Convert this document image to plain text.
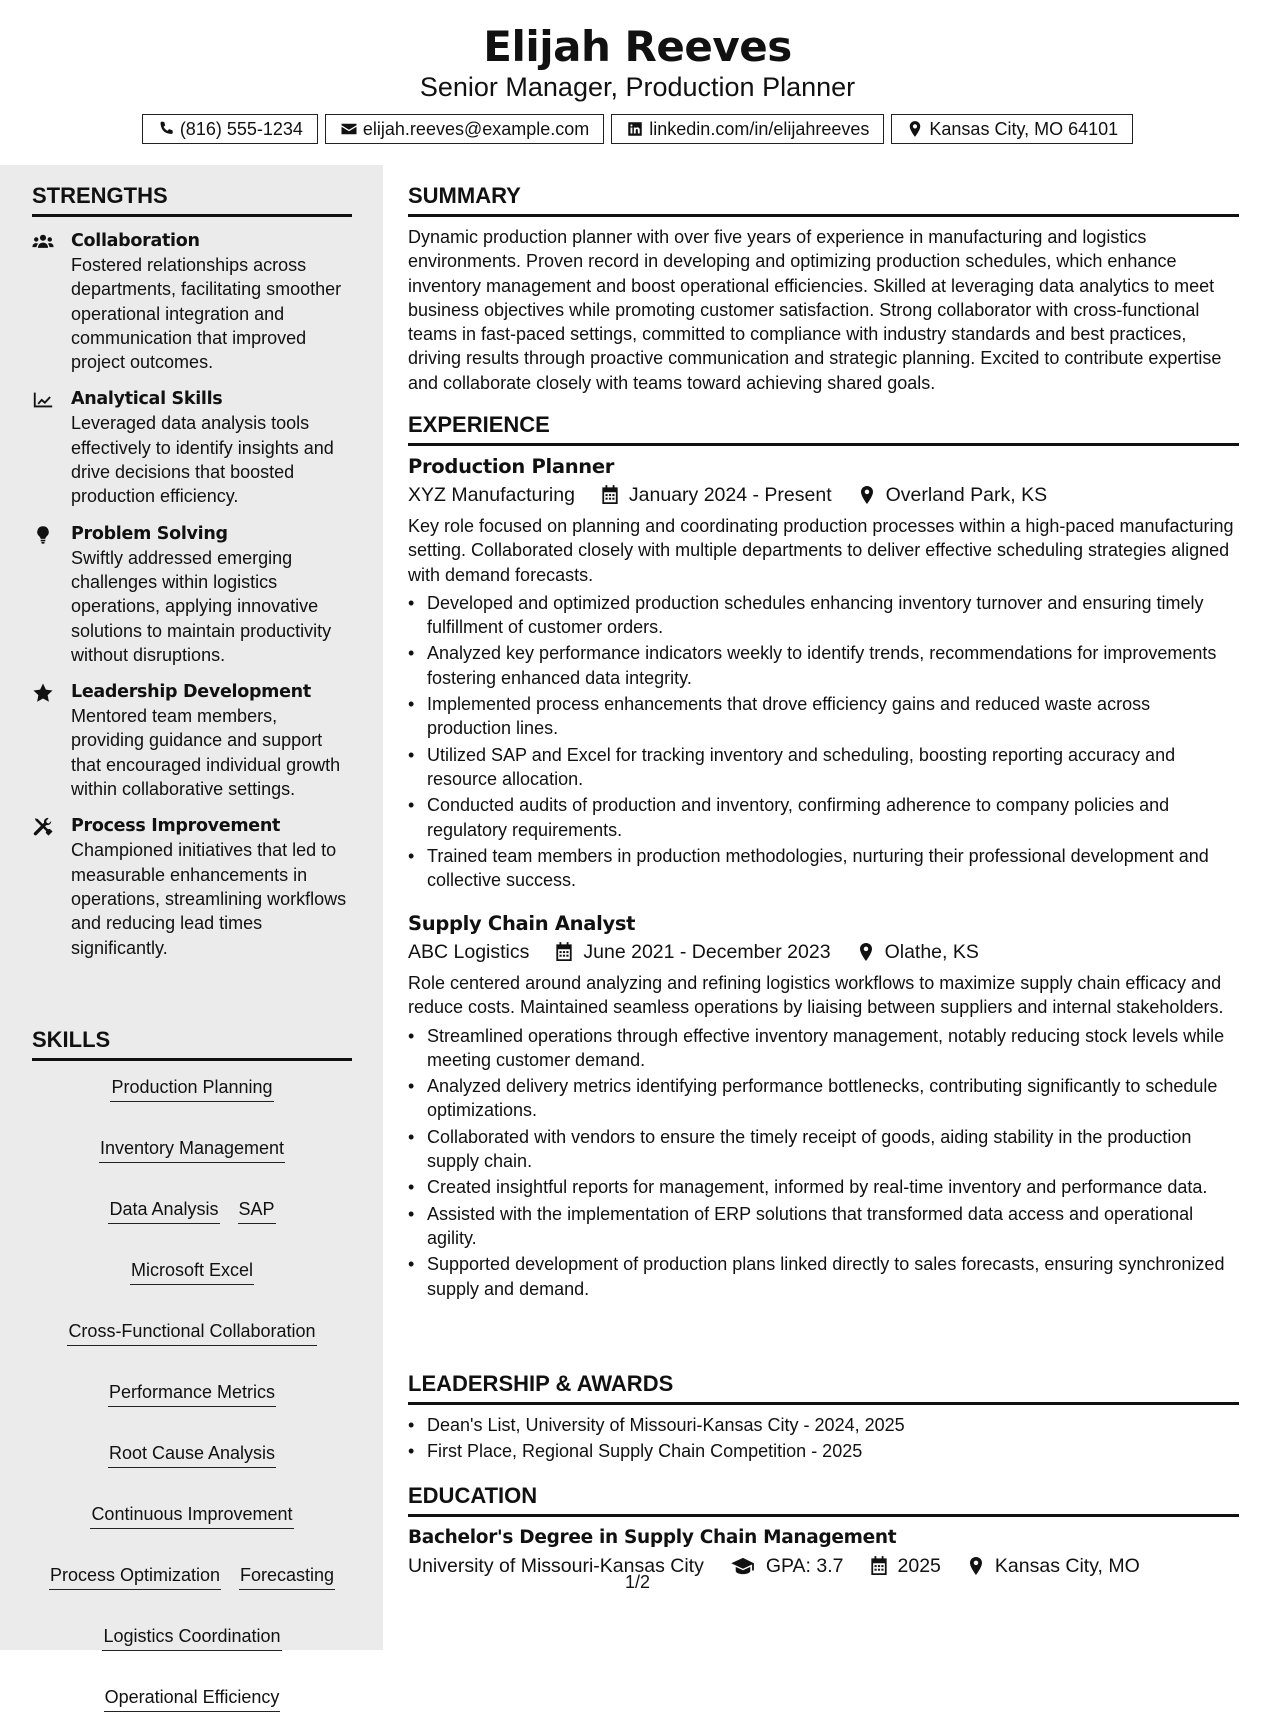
Elijah Reeves
Senior Manager, Production Planner
(816) 555-1234	elijah.reeves@example.com	linkedin.com/in/elijahreeves	Kansas City, MO 64101
STRENGTHS
Collaboration
Fostered relationships across departments, facilitating smoother operational integration and communication that improved project outcomes.
Analytical Skills
Leveraged data analysis tools effectively to identify insights and drive decisions that boosted production efficiency.
Problem Solving
Swiftly addressed emerging challenges within logistics operations, applying innovative solutions to maintain productivity without disruptions.
Leadership Development
Mentored team members, providing guidance and support that encouraged individual growth within collaborative settings.
Process Improvement
Championed initiatives that led to measurable enhancements in operations, streamlining workflows and reducing lead times significantly.
SKILLS
Production Planning
Inventory Management
Data Analysis SAP
Microsoft Excel
Cross-Functional Collaboration
Performance Metrics
Root Cause Analysis
Continuous Improvement
Process Optimization Forecasting
Logistics Coordination
Operational Efficiency
SUMMARY
Dynamic production planner with over five years of experience in manufacturing and logistics environments. Proven record in developing and optimizing production schedules, which enhance inventory management and boost operational efficiencies. Skilled at leveraging data analytics to meet business objectives while promoting customer satisfaction. Strong collaborator with cross-functional teams in fast-paced settings, committed to compliance with industry standards and best practices, driving results through proactive communication and strategic planning. Excited to contribute expertise and collaborate closely with teams toward achieving shared goals.
EXPERIENCE
Production Planner
XYZ Manufacturing	January 2024 - Present	Overland Park, KS
Key role focused on planning and coordinating production processes within a high-paced manufacturing setting. Collaborated closely with multiple departments to deliver effective scheduling strategies aligned with demand forecasts.
• Developed and optimized production schedules enhancing inventory turnover and ensuring timely fulfillment of customer orders.
• Analyzed key performance indicators weekly to identify trends, recommendations for improvements fostering enhanced data integrity.
• Implemented process enhancements that drove efficiency gains and reduced waste across production lines.
• Utilized SAP and Excel for tracking inventory and scheduling, boosting reporting accuracy and resource allocation.
• Conducted audits of production and inventory, confirming adherence to company policies and regulatory requirements.
• Trained team members in production methodologies, nurturing their professional development and collective success.
Supply Chain Analyst
ABC Logistics	June 2021 - December 2023	Olathe, KS
Role centered around analyzing and refining logistics workflows to maximize supply chain efficacy and reduce costs. Maintained seamless operations by liaising between suppliers and internal stakeholders.
• Streamlined operations through effective inventory management, notably reducing stock levels while meeting customer demand.
• Analyzed delivery metrics identifying performance bottlenecks, contributing significantly to schedule optimizations.
• Collaborated with vendors to ensure the timely receipt of goods, aiding stability in the production supply chain.
• Created insightful reports for management, informed by real-time inventory and performance data.
• Assisted with the implementation of ERP solutions that transformed data access and operational agility.
• Supported development of production plans linked directly to sales forecasts, ensuring synchronized supply and demand.
LEADERSHIP & AWARDS
• Dean's List, University of Missouri-Kansas City - 2024, 2025
• First Place, Regional Supply Chain Competition - 2025
EDUCATION
Bachelor's Degree in Supply Chain Management
University of Missouri-Kansas City	GPA: 3.7	2025	Kansas City, MO
1/2
